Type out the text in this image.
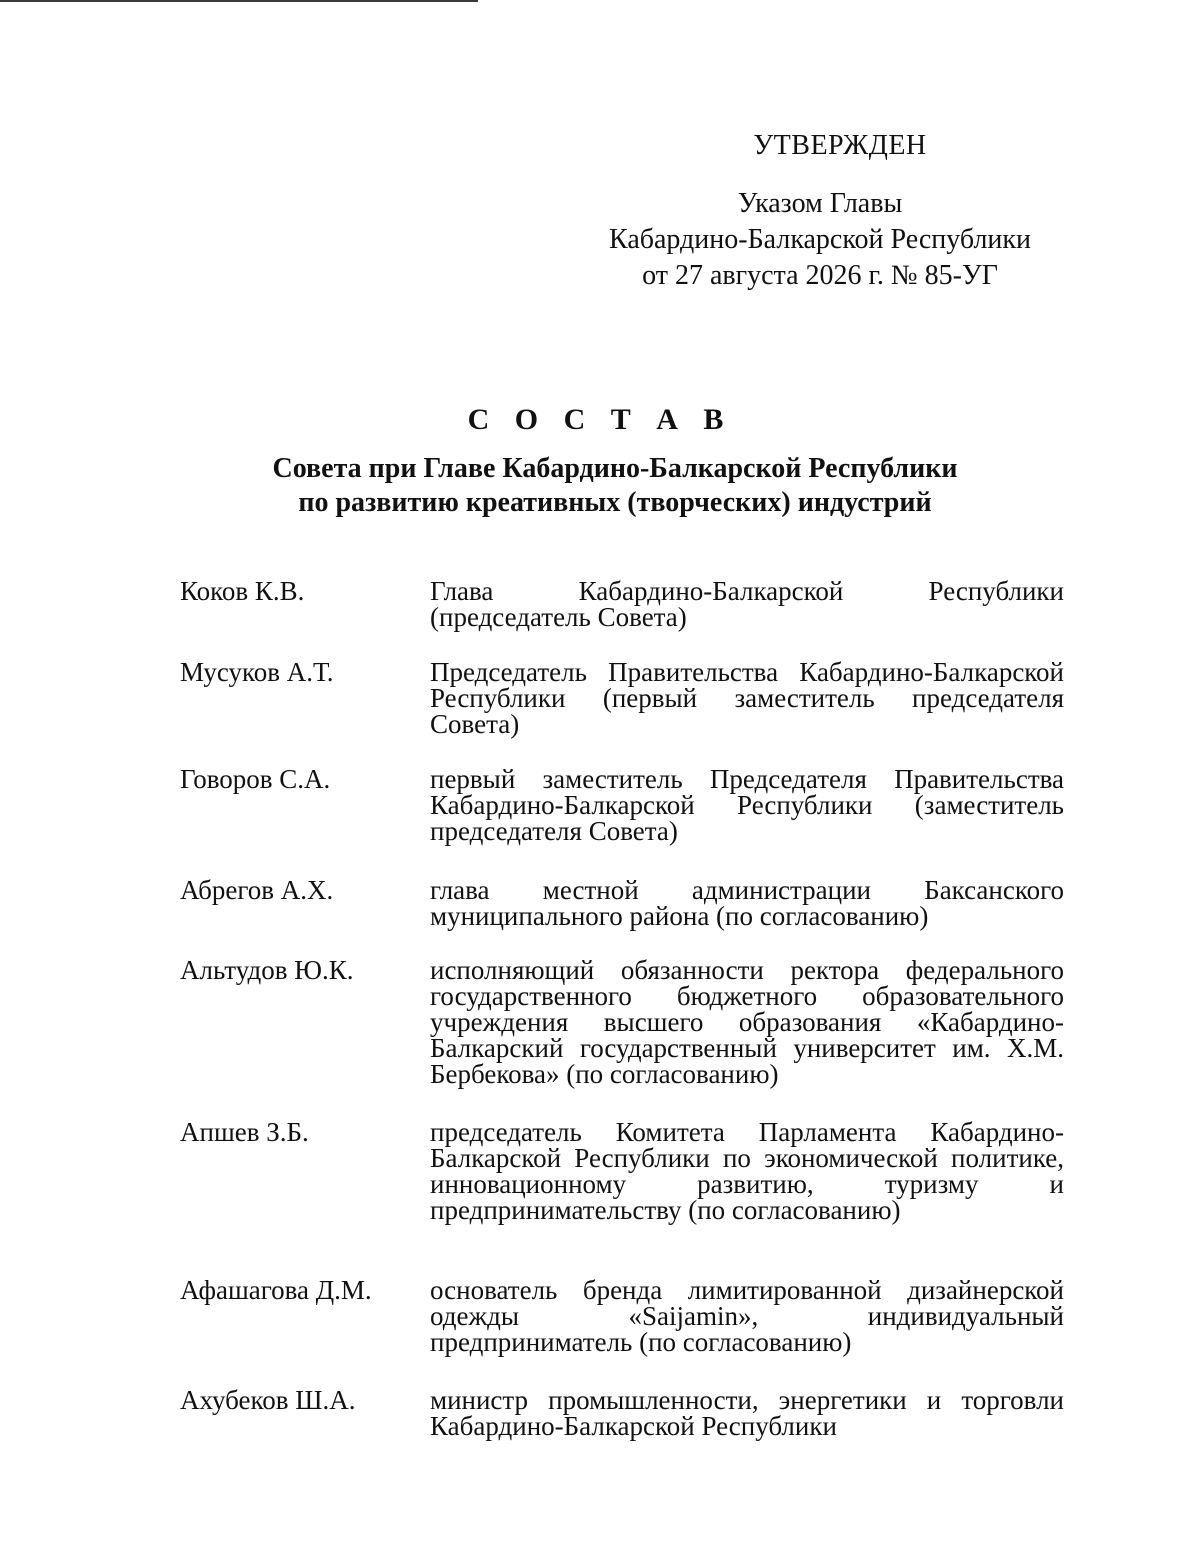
УТВЕРЖДЕН
Указом Главы
Кабардино-Балкарской Республики
от 27 августа 2026 г. № 85-УГ
С О С Т А В
Совета при Главе Кабардино-Балкарской Республики
по развитию креативных (творческих) индустрий
Коков К.В.	Глава Кабардино-Балкарской Республики (председатель Совета)
Мусуков А.Т.	Председатель Правительства Кабардино-Балкарской Республики (первый заместитель председателя Совета)
Говоров С.А.	первый заместитель Председателя Правительства Кабардино-Балкарской Республики (заместитель председателя Совета)
Абрегов А.Х.	глава местной администрации Баксанского муниципального района (по согласованию)
Альтудов Ю.К.	исполняющий обязанности ректора федерального государственного бюджетного образовательного учреждения высшего образования «Кабардино-Балкарский государственный университет им. Х.М. Бербекова» (по согласованию)
Апшев З.Б.	председатель Комитета Парламента Кабардино-Балкарской Республики по экономической политике, инновационному развитию, туризму и предпринимательству (по согласованию)
Афашагова Д.М.	основатель бренда лимитированной дизайнерской одежды «Saijamin», индивидуальный предприниматель (по согласованию)
Ахубеков Ш.А.	министр промышленности, энергетики и торговли Кабардино-Балкарской Республики
